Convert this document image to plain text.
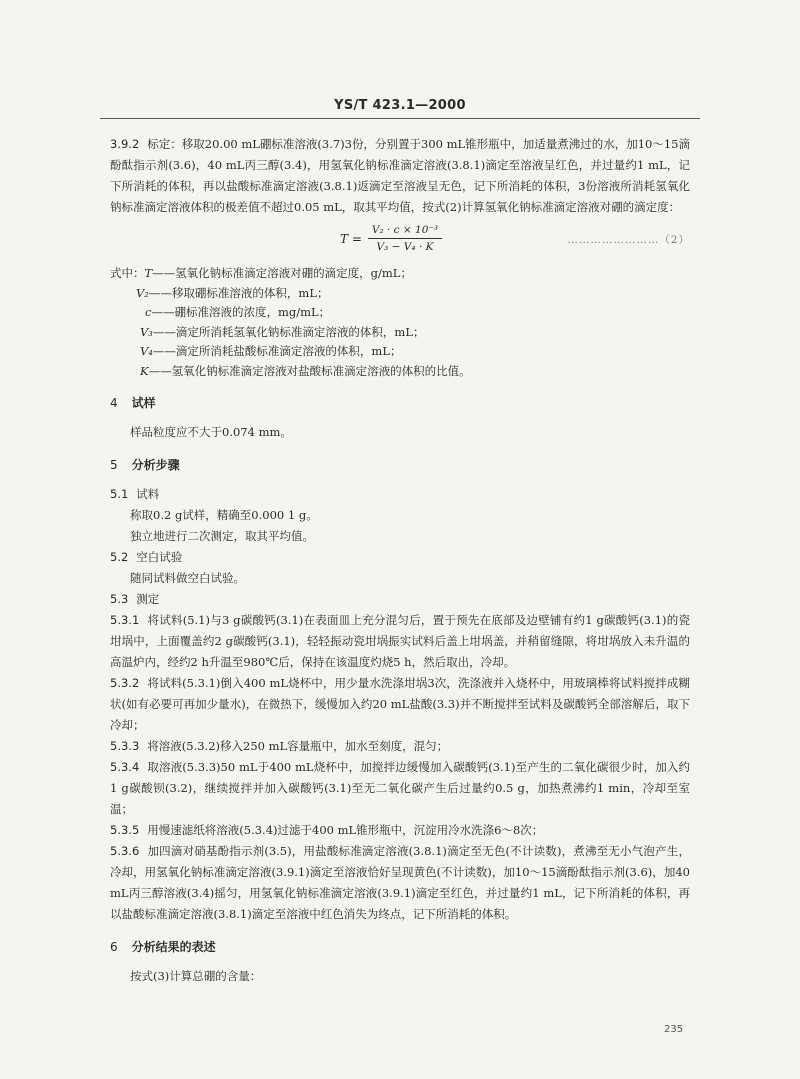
YS/T 423.1—2000

3.9.2 标定：移取20.00 mL硼标准溶液(3.7)3份，分别置于300 mL锥形瓶中，加适量煮沸过的水，加10～15滴酚酞指示剂(3.6)，40 mL丙三醇(3.4)，用氢氧化钠标准滴定溶液(3.8.1)滴定至溶液呈红色，并过量约1 mL，记下所消耗的体积，再以盐酸标准滴定溶液(3.8.1)返滴定至溶液呈无色，记下所消耗的体积，3份溶液所消耗氢氧化钠标准滴定溶液体积的极差值不超过0.05 mL，取其平均值，按式(2)计算氢氧化钠标准滴定溶液对硼的滴定度：

$T = \frac{\text{V₂ · c × 10⁻³}}{\text{V₃ − V₄ · K}}$	……………………（2）
式中：T——氢氧化钠标准滴定溶液对硼的滴定度，g/mL；
V₂——移取硼标准溶液的体积，mL；
c——硼标准溶液的浓度，mg/mL；
V₃——滴定所消耗氢氧化钠标准滴定溶液的体积，mL；
V₄——滴定所消耗盐酸标准滴定溶液的体积，mL；
K——氢氧化钠标准滴定溶液对盐酸标准滴定溶液的体积的比值。
4 试样

样品粒度应不大于0.074 mm。

5 分析步骤

5.1 试料

称取0.2 g试样，精确至0.000 1 g。

独立地进行二次测定，取其平均值。

5.2 空白试验

随同试料做空白试验。

5.3 测定

5.3.1 将试料(5.1)与3 g碳酸钙(3.1)在表面皿上充分混匀后，置于预先在底部及边壁铺有约1 g碳酸钙(3.1)的瓷坩埚中，上面覆盖约2 g碳酸钙(3.1)，轻轻振动瓷坩埚振实试料后盖上坩埚盖，并稍留缝隙，将坩埚放入未升温的高温炉内，经约2 h升温至980℃后，保持在该温度灼烧5 h，然后取出，冷却。

5.3.2 将试料(5.3.1)倒入400 mL烧杯中，用少量水洗涤坩埚3次，洗涤液并入烧杯中，用玻璃棒将试料搅拌成糊状(如有必要可再加少量水)，在微热下，缓慢加入约20 mL盐酸(3.3)并不断搅拌至试料及碳酸钙全部溶解后，取下冷却；

5.3.3 将溶液(5.3.2)移入250 mL容量瓶中，加水至刻度，混匀；

5.3.4 取溶液(5.3.3)50 mL于400 mL烧杯中，加搅拌边缓慢加入碳酸钙(3.1)至产生的二氧化碳很少时，加入约1 g碳酸钡(3.2)，继续搅拌并加入碳酸钙(3.1)至无二氧化碳产生后过量约0.5 g，加热煮沸约1 min，冷却至室温；

5.3.5 用慢速滤纸将溶液(5.3.4)过滤于400 mL锥形瓶中，沉淀用冷水洗涤6～8次；

5.3.6 加四滴对硝基酚指示剂(3.5)，用盐酸标准滴定溶液(3.8.1)滴定至无色(不计读数)，煮沸至无小气泡产生，冷却，用氢氧化钠标准滴定溶液(3.9.1)滴定至溶液恰好呈现黄色(不计读数)，加10～15滴酚酞指示剂(3.6)，加40 mL丙三醇溶液(3.4)摇匀，用氢氧化钠标准滴定溶液(3.9.1)滴定至红色，并过量约1 mL，记下所消耗的体积，再以盐酸标准滴定溶液(3.8.1)滴定至溶液中红色消失为终点，记下所消耗的体积。

6 分析结果的表述

按式(3)计算总硼的含量：

235
